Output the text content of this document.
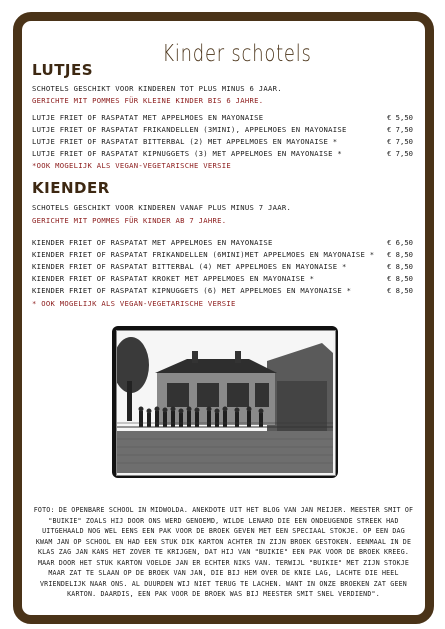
Kinder schotels
LUTJES
SCHOTELS GESCHIKT VOOR KINDEREN TOT PLUS MINUS 6 JAAR.
GERICHTE MIT POMMES FÜR KLEINE KINDER BIS 6 JAHRE.
LUTJE FRIET OF RASPATAT MET APPELMOES EN MAYONAISE	€ 5,50
LUTJE FRIET OF RASPATAT FRIKANDELLEN (3MINI), APPELMOES EN MAYONAISE	€ 7,50
LUTJE FRIET OF RASPATAT BITTERBAL (2) MET APPELMOES EN MAYONAISE *	€ 7,50
LUTJE FRIET OF RASPATAT KIPNUGGETS (3) MET APPELMOES EN MAYONAISE *	€ 7,50
*OOK MOGELIJK ALS VEGAN-VEGETARISCHE VERSIE
KIENDER
SCHOTELS GESCHIKT VOOR KINDEREN VANAF PLUS MINUS 7 JAAR.
GERICHTE MIT POMMES FÜR KINDER AB 7 JAHRE.
KIENDER FRIET OF RASPATAT MET APPELMOES EN MAYONAISE	€ 6,50
KIENDER FRIET OF RASPATAT FRIKANDELLEN (6MINI)MET APPELMOES EN MAYONAISE * € 8,50
KIENDER FRIET OF RASPATAT BITTERBAL (4) MET APPELMOES EN MAYONAISE *	€ 8,50
KIENDER FRIET OF RASPATAT KROKET MET APPELMOES EN MAYONAISE *	€ 8,50
KIENDER FRIET OF RASPATAT KIPNUGGETS (6) MET APPELMOES EN MAYONAISE *	€ 8,50
* OOK MOGELIJK ALS VEGAN-VEGETARISCHE VERSIE
FOTO: DE OPENBARE SCHOOL IN MIDWOLDA. ANEKDOTE UIT HET BLOG VAN JAN MEIJER. MEESTER SMIT OF "BUIKIE" ZOALS HIJ DOOR ONS WERD GENOEMD, WILDE LENARD DIE EEN ONDEUGENDE STREEK HAD UITGEHAALD NOG WEL EENS EEN PAK VOOR DE BROEK GEVEN MET EEN SPECIAAL STOKJE. OP EEN DAG KWAM JAN OP SCHOOL EN HAD EEN STUK DIK KARTON ACHTER IN ZIJN BROEK GESTOKEN. EENMAAL IN DE KLAS ZAG JAN KANS HET ZOVER TE KRIJGEN, DAT HIJ VAN "BUIKIE" EEN PAK VOOR DE BROEK KREEG. MAAR DOOR HET STUK KARTON VOELDE JAN ER ECHTER NIKS VAN. TERWIJL "BUIKIE" MET ZIJN STOKJE MAAR ZAT TE SLAAN OP DE BROEK VAN JAN, DIE BIJ HEM OVER DE KNIE LAG, LACHTE DIE HEEL VRIENDELIJK NAAR ONS. AL DUURDEN WIJ NIET TERUG TE LACHEN. WANT IN ONZE BROEKEN ZAT GEEN KARTON. DAARDIS, EEN PAK VOOR DE BROEK WAS BIJ MEESTER SMIT SNEL VERDIEND".
